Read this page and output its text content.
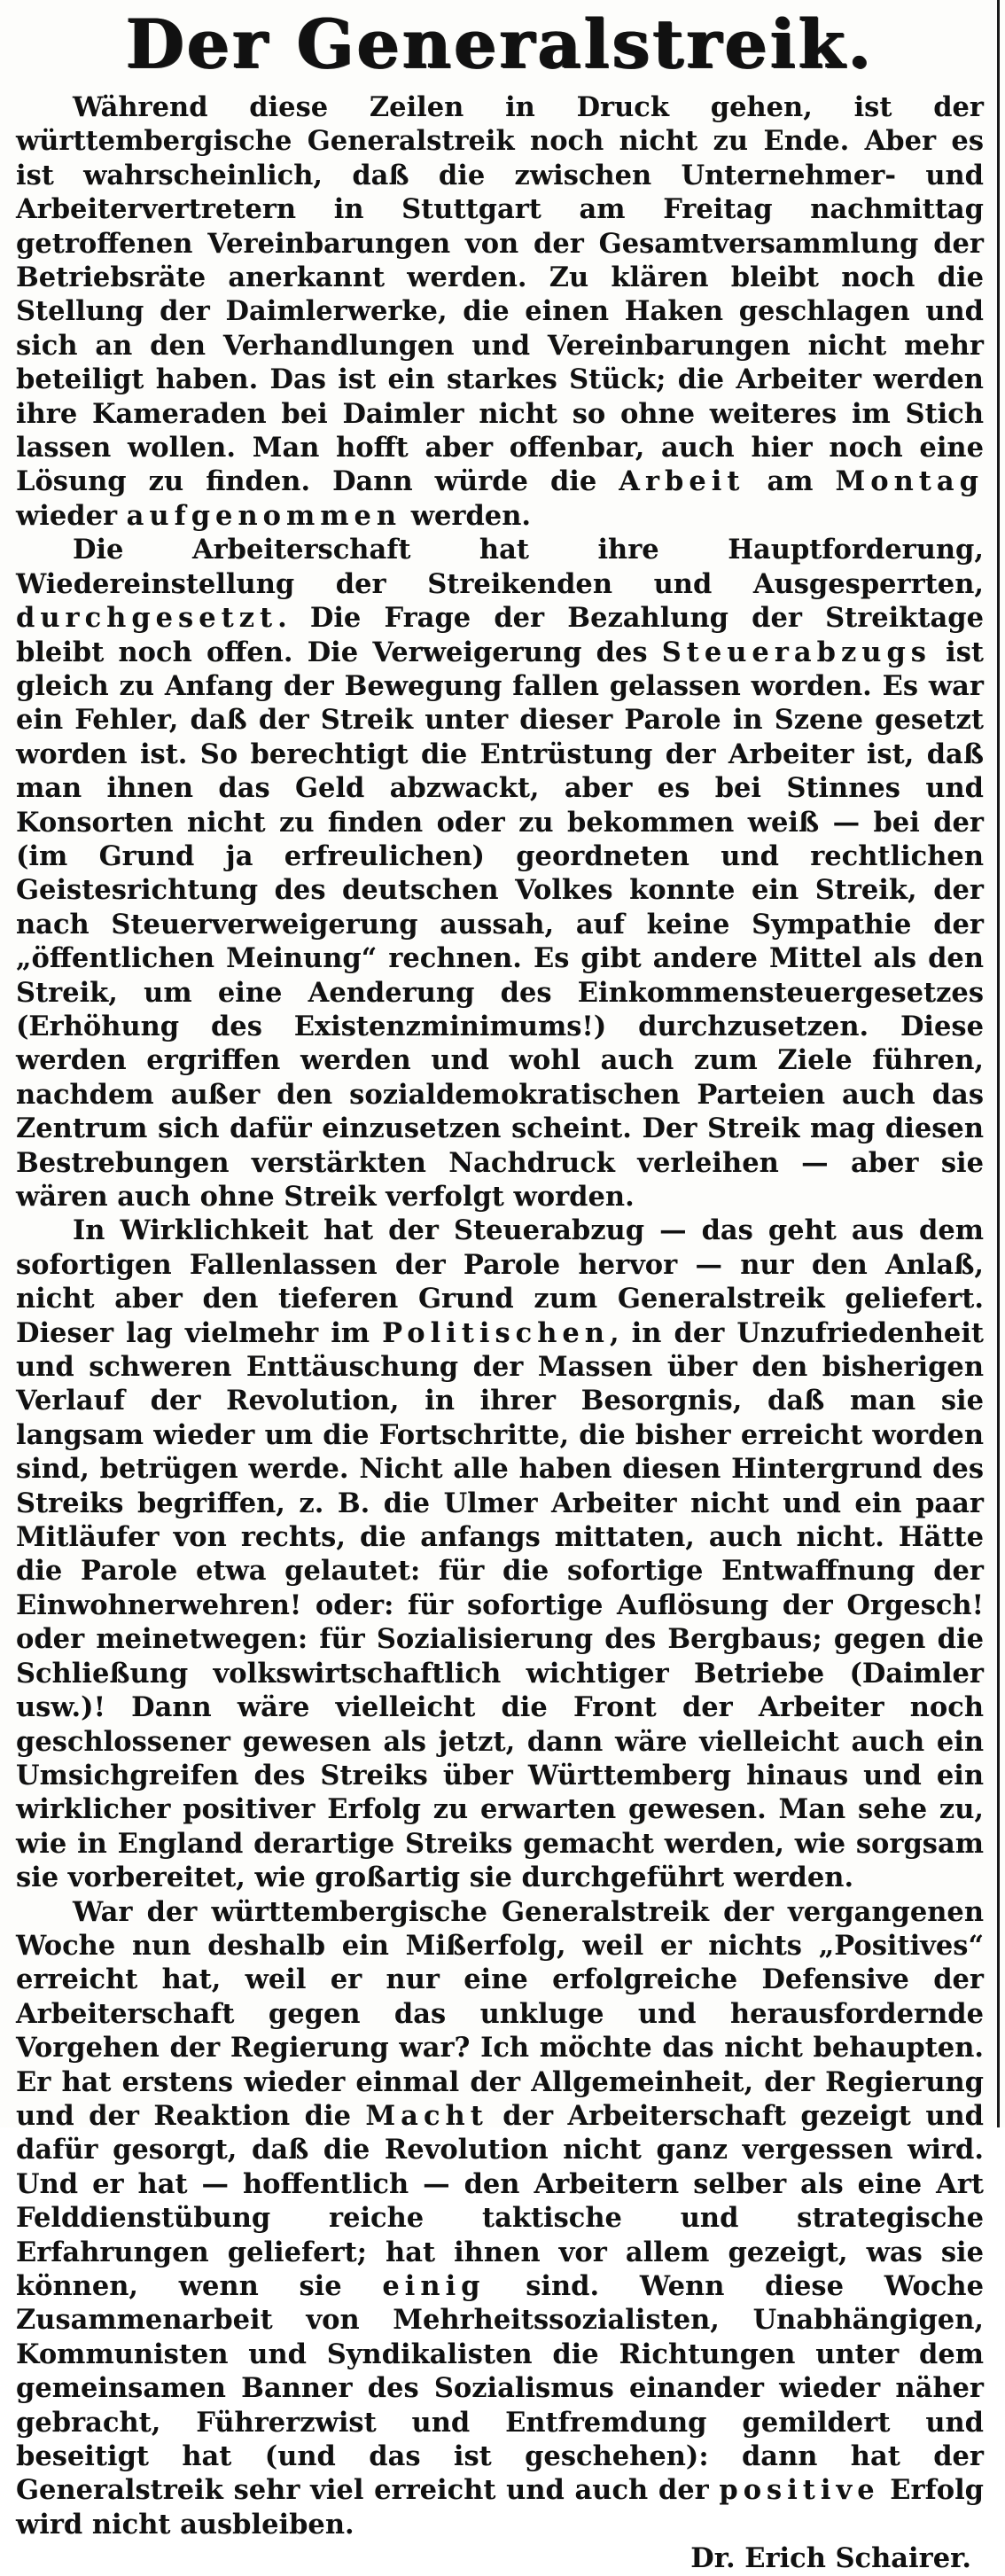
Der Generalstreik.

Während diese Zeilen in Druck gehen, ist der württembergische Generalstreik noch nicht zu Ende. Aber es ist wahrscheinlich, daß die zwischen Unternehmer- und Arbeitervertretern in Stuttgart am Freitag nachmittag getroffenen Vereinbarungen von der Gesamtversammlung der Betriebsräte anerkannt werden. Zu klären bleibt noch die Stellung der Daimlerwerke, die einen Haken geschlagen und sich an den Verhandlungen und Vereinbarungen nicht mehr beteiligt haben. Das ist ein starkes Stück; die Arbeiter werden ihre Kameraden bei Daimler nicht so ohne weiteres im Stich lassen wollen. Man hofft aber offenbar, auch hier noch eine Lösung zu finden. Dann würde die Arbeit am Montag wieder aufgenommen werden.

Die Arbeiterschaft hat ihre Hauptforderung, Wiedereinstellung der Streikenden und Ausgesperrten, durchgesetzt. Die Frage der Bezahlung der Streiktage bleibt noch offen. Die Verweigerung des Steuerabzugs ist gleich zu Anfang der Bewegung fallen gelassen worden. Es war ein Fehler, daß der Streik unter dieser Parole in Szene gesetzt worden ist. So berechtigt die Entrüstung der Arbeiter ist, daß man ihnen das Geld abzwackt, aber es bei Stinnes und Konsorten nicht zu finden oder zu bekommen weiß — bei der (im Grund ja erfreulichen) geordneten und rechtlichen Geistesrichtung des deutschen Volkes konnte ein Streik, der nach Steuerverweigerung aussah, auf keine Sympathie der „öffentlichen Meinung“ rechnen. Es gibt andere Mittel als den Streik, um eine Aenderung des Einkommensteuergesetzes (Erhöhung des Existenzminimums!) durchzusetzen. Diese werden ergriffen werden und wohl auch zum Ziele führen, nachdem außer den sozialdemokratischen Parteien auch das Zentrum sich dafür einzusetzen scheint. Der Streik mag diesen Bestrebungen verstärkten Nachdruck verleihen — aber sie wären auch ohne Streik verfolgt worden.

In Wirklichkeit hat der Steuerabzug — das geht aus dem sofortigen Fallenlassen der Parole hervor — nur den Anlaß, nicht aber den tieferen Grund zum Generalstreik geliefert. Dieser lag vielmehr im Politischen, in der Unzufriedenheit und schweren Enttäuschung der Massen über den bisherigen Verlauf der Revolution, in ihrer Besorgnis, daß man sie langsam wieder um die Fortschritte, die bisher erreicht worden sind, betrügen werde. Nicht alle haben diesen Hintergrund des Streiks begriffen, z. B. die Ulmer Arbeiter nicht und ein paar Mitläufer von rechts, die anfangs mittaten, auch nicht. Hätte die Parole etwa gelautet: für die sofortige Entwaffnung der Einwohnerwehren! oder: für sofortige Auflösung der Orgesch! oder meinetwegen: für Sozialisierung des Bergbaus; gegen die Schließung volkswirtschaftlich wichtiger Betriebe (Daimler usw.)! Dann wäre vielleicht die Front der Arbeiter noch geschlossener gewesen als jetzt, dann wäre vielleicht auch ein Umsichgreifen des Streiks über Württemberg hinaus und ein wirklicher positiver Erfolg zu erwarten gewesen. Man sehe zu, wie in England derartige Streiks gemacht werden, wie sorgsam sie vorbereitet, wie großartig sie durchgeführt werden.

War der württembergische Generalstreik der vergangenen Woche nun deshalb ein Mißerfolg, weil er nichts „Positives“ erreicht hat, weil er nur eine erfolgreiche Defensive der Arbeiterschaft gegen das unkluge und herausfordernde Vorgehen der Regierung war? Ich möchte das nicht behaupten. Er hat erstens wieder einmal der Allgemeinheit, der Regierung und der Reaktion die Macht der Arbeiterschaft gezeigt und dafür gesorgt, daß die Revolution nicht ganz vergessen wird. Und er hat — hoffentlich — den Arbeitern selber als eine Art Felddienstübung reiche taktische und strategische Erfahrungen geliefert; hat ihnen vor allem gezeigt, was sie können, wenn sie einig sind. Wenn diese Woche Zusammenarbeit von Mehrheitssozialisten, Unabhängigen, Kommunisten und Syndikalisten die Richtungen unter dem gemeinsamen Banner des Sozialismus einander wieder näher gebracht, Führerzwist und Entfremdung gemildert und beseitigt hat (und das ist geschehen): dann hat der Generalstreik sehr viel erreicht und auch der positive Erfolg wird nicht ausbleiben.

Dr. Erich Schairer.
